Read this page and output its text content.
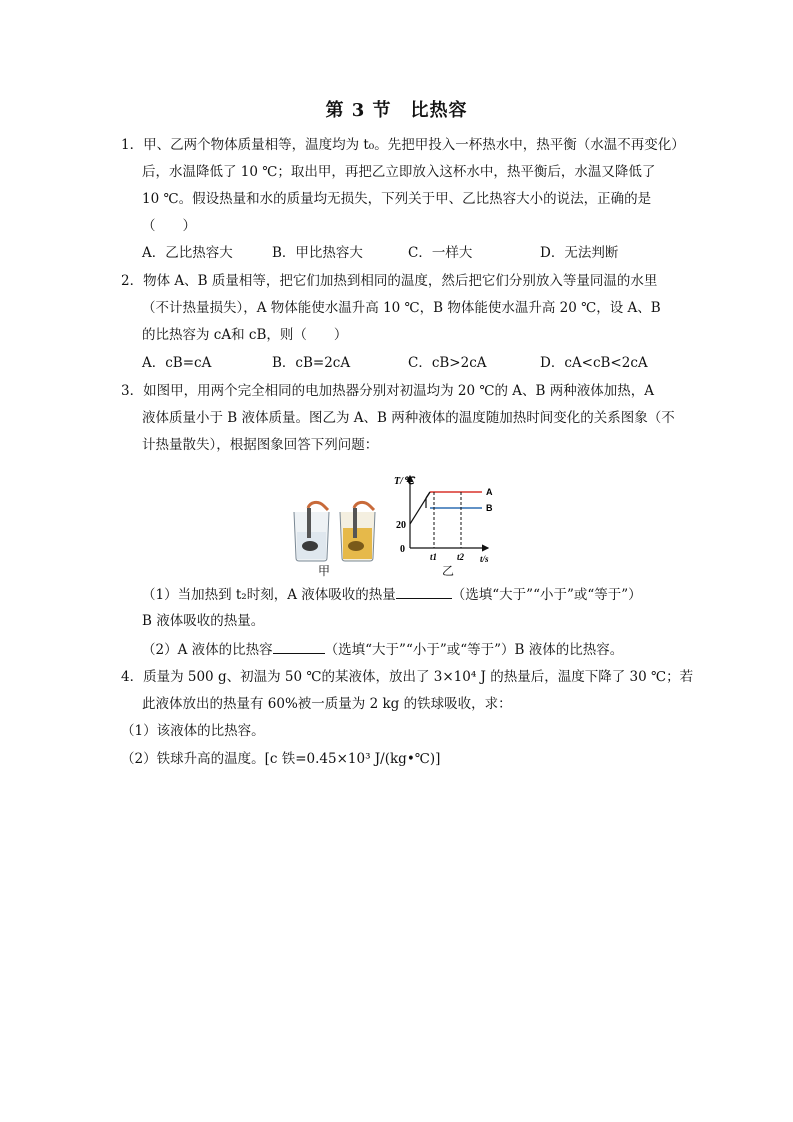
第 3 节　比热容
1．甲、乙两个物体质量相等，温度均为 t₀。先把甲投入一杯热水中，热平衡（水温不再变化）
后，水温降低了 10 ℃；取出甲，再把乙立即放入这杯水中，热平衡后，水温又降低了
10 ℃。假设热量和水的质量均无损失，下列关于甲、乙比热容大小的说法，正确的是
（　　）
A．乙比热容大	B．甲比热容大	C．一样大	D．无法判断
2．物体 A、B 质量相等，把它们加热到相同的温度，然后把它们分别放入等量同温的水里
（不计热量损失），A 物体能使水温升高 10 ℃，B 物体能使水温升高 20 ℃，设 A、B
的比热容为 cA和 cB，则（　　）
A．cB=cA	B．cB=2cA	C．cB>2cA	D．cA<cB<2cA
3．如图甲，用两个完全相同的电加热器分别对初温均为 20 ℃的 A、B 两种液体加热，A
液体质量小于 B 液体质量。图乙为 A、B 两种液体的温度随加热时间变化的关系图象（不
计热量散失），根据图象回答下列问题：
甲
T/℃
t/s
0
20
A
B
t1 t2
乙
（1）当加热到 t₂时刻，A 液体吸收的热量	（选填“大于”“小于”或“等于”）
B 液体吸收的热量。
（2）A 液体的比热容	（选填“大于”“小于”或“等于”）B 液体的比热容。
4．质量为 500 g、初温为 50 ℃的某液体，放出了 3×10⁴ J 的热量后，温度下降了 30 ℃；若
此液体放出的热量有 60%被一质量为 2 kg 的铁球吸收，求：
（1）该液体的比热容。
（2）铁球升高的温度。[c 铁=0.45×10³ J/(kg•℃)]
